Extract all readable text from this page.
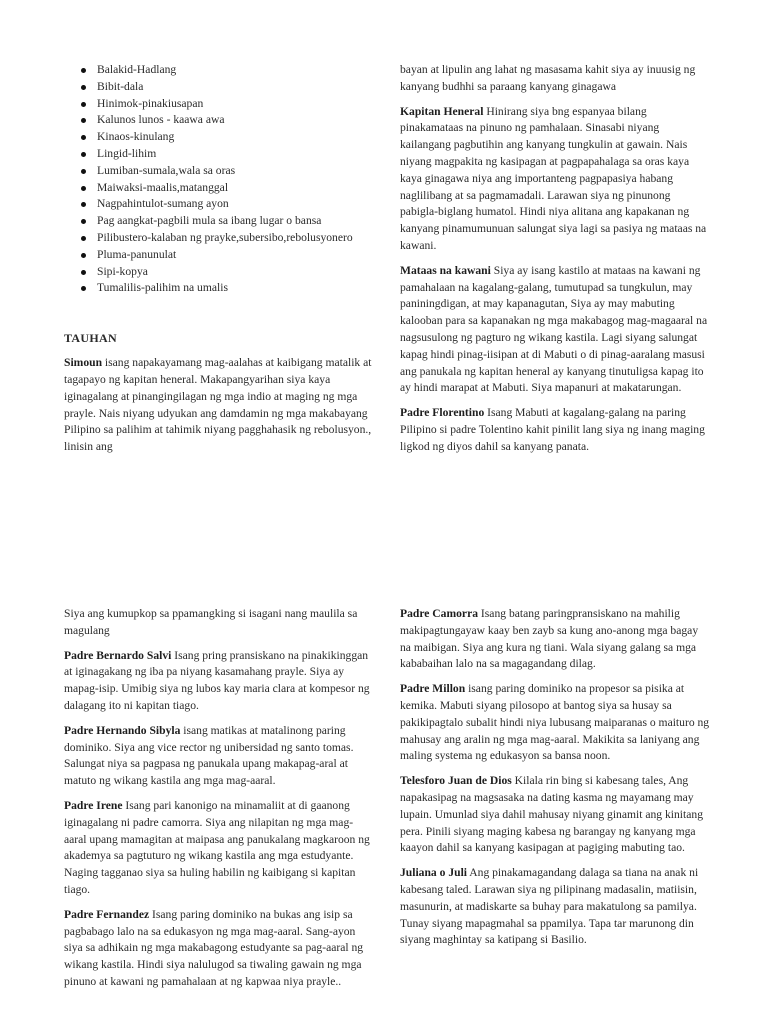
Balakid-Hadlang
Bibit-dala
Hinimok-pinakiusapan
Kalunos lunos - kaawa awa
Kinaos-kinulang
Lingid-lihim
Lumiban-sumala,wala sa oras
Maiwaksi-maalis,matanggal
Nagpahintulot-sumang ayon
Pag aangkat-pagbili mula sa ibang lugar o bansa
Pilibustero-kalaban ng prayke,subersibo,rebolusyonero
Pluma-panunulat
Sipi-kopya
Tumalilis-palihim na umalis
TAUHAN

Simoun isang napakayamang mag-aalahas at kaibigang matalik at tagapayo ng kapitan heneral. Makapangyarihan siya kaya iginagalang at pinangingilagan ng mga indio at maging ng mga prayle. Nais niyang udyukan ang damdamin ng mga makabayang Pilipino sa palihim at tahimik niyang pagghahasik ng rebolusyon., linisin ang

bayan at lipulin ang lahat ng masasama kahit siya ay inuusig ng kanyang budhhi sa paraang kanyang ginagawa

Kapitan Heneral Hinirang siya bng espanyaa bilang pinakamataas na pinuno ng pamhalaan. Sinasabi niyang kailangang pagbutihin ang kanyang tungkulin at gawain. Nais niyang magpakita ng kasipagan at pagpapahalaga sa oras kaya kaya ginagawa niya ang importanteng pagpapasiya habang naglilibang at sa pagmamadali. Larawan siya ng pinunong pabigla-biglang humatol. Hindi niya alitana ang kapakanan ng kanyang pinamumunuan salungat siya lagi sa pasiya ng mataas na kawani.

Mataas na kawani Siya ay isang kastilo at mataas na kawani ng pamahalaan na kagalang-galang, tumutupad sa tungkulun, may paniningdigan, at may kapanagutan, Siya ay may mabuting kalooban para sa kapanakan ng mga makabagog mag-magaaral na nagsusulong ng pagturo ng wikang kastila. Lagi siyang salungat kapag hindi pinag-iisipan at di Mabuti o di pinag-aaralang masusi ang panukala ng kapitan heneral ay kanyang tinutuligsa kapag ito ay hindi marapat at Mabuti. Siya mapanuri at makatarungan.

Padre Florentino Isang Mabuti at kagalang-galang na paring Pilipino si padre Tolentino kahit pinilit lang siya ng inang maging ligkod ng diyos dahil sa kanyang panata.

Siya ang kumupkop sa ppamangking si isagani nang maulila sa magulang

Padre Bernardo Salvi Isang pring pransiskano na pinakikinggan at iginagakang ng iba pa niyang kasamahang prayle. Siya ay mapag-isip. Umibig siya ng lubos kay maria clara at kompesor ng dalagang ito ni kapitan tiago.

Padre Hernando Sibyla isang matikas at matalinong paring dominiko. Siya ang vice rector ng unibersidad ng santo tomas. Salungat niya sa pagpasa ng panukala upang makapag-aral at matuto ng wikang kastila ang mga mag-aaral.

Padre Irene Isang pari kanonigo na minamaliit at di gaanong iginagalang ni padre camorra. Siya ang nilapitan ng mga mag-aaral upang mamagitan at maipasa ang panukalang magkaroon ng akademya sa pagtuturo ng wikang kastila ang mga estudyante. Naging tagganao siya sa huling habilin ng kaibigang si kapitan tiago.

Padre Fernandez Isang paring dominiko na bukas ang isip sa pagbabago lalo na sa edukasyon ng mga mag-aaral. Sang-ayon siya sa adhikain ng mga makabagong estudyante sa pag-aaral ng wikang kastila. Hindi siya nalulugod sa tiwaling gawain ng mga pinuno at kawani ng pamahalaan at ng kapwaa niya prayle..

Padre Camorra Isang batang paringpransiskano na mahilig makipagtungayaw kaay ben zayb sa kung ano-anong mga bagay na maibigan. Siya ang kura ng tiani. Wala siyang galang sa mga kababaihan lalo na sa magagandang dilag.

Padre Millon isang paring dominiko na propesor sa pisika at kemika. Mabuti siyang pilosopo at bantog siya sa husay sa pakikipagtalo subalit hindi niya lubusang maiparanas o maituro ng mahusay ang aralin ng mga mag-aaral. Makikita sa laniyang ang maling systema ng edukasyon sa bansa noon.

Telesforo Juan de Dios Kilala rin bing si kabesang tales, Ang napakasipag na magsasaka na dating kasma ng mayamang may lupain. Umunlad siya dahil mahusay niyang ginamit ang kinitang pera. Pinili siyang maging kabesa ng barangay ng kanyang mga kaayon dahil sa kanyang kasipagan at pagiging mabuting tao.

Juliana o Juli Ang pinakamagandang dalaga sa tiana na anak ni kabesang taled. Larawan siya ng pilipinang madasalin, matiisin, masunurin, at madiskarte sa buhay para makatulong sa pamilya. Tunay siyang mapagmahal sa ppamilya. Tapa tar marunong din siyang maghintay sa katipang si Basilio.
